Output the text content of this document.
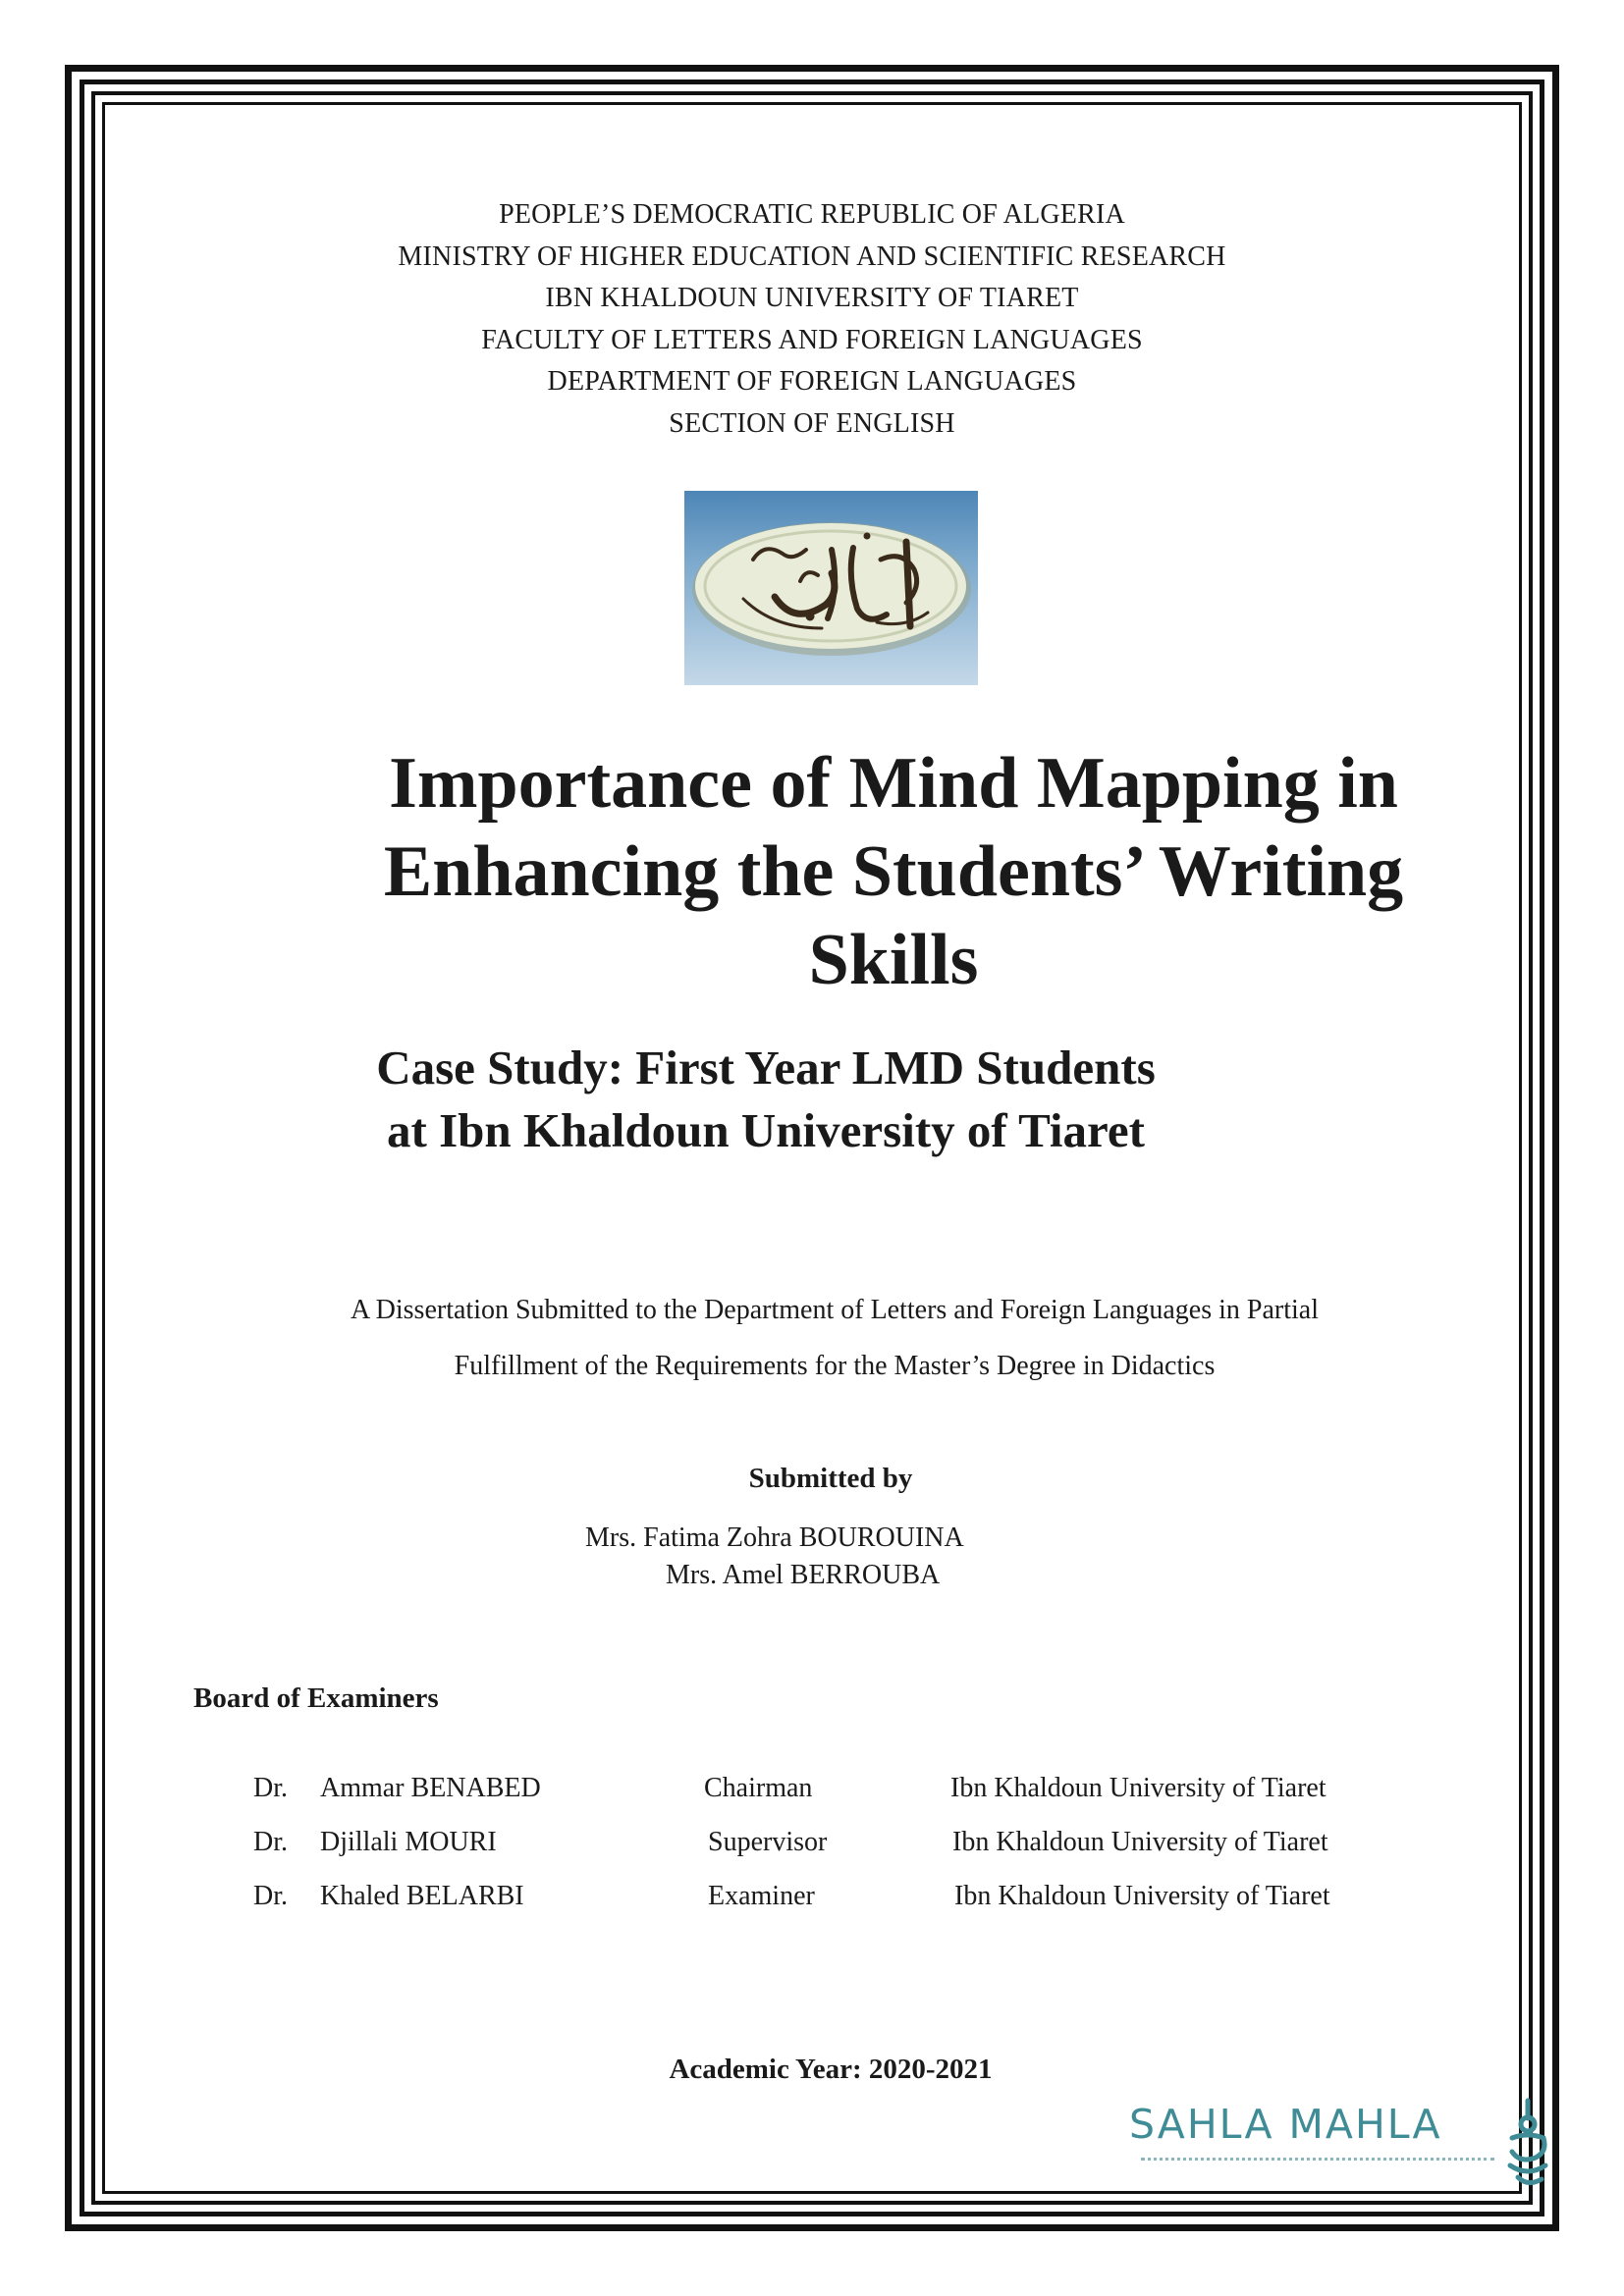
PEOPLE’S DEMOCRATIC REPUBLIC OF ALGERIA
MINISTRY OF HIGHER EDUCATION AND SCIENTIFIC RESEARCH
IBN KHALDOUN UNIVERSITY OF TIARET
FACULTY OF LETTERS AND FOREIGN LANGUAGES
DEPARTMENT OF FOREIGN LANGUAGES
SECTION OF ENGLISH
Importance of Mind Mapping in
Enhancing the Students’ Writing
Skills
Case Study: First Year LMD Students
at Ibn Khaldoun University of Tiaret
A Dissertation Submitted to the Department of Letters and Foreign Languages in Partial
Fulfillment of the Requirements for the Master’s Degree in Didactics
Submitted by
Mrs. Fatima Zohra BOUROUINA
Mrs. Amel BERROUBA
Board of Examiners
Dr. Ammar BENABED	Chairman	Ibn Khaldoun University of Tiaret
Dr. Djillali MOURI	Supervisor	Ibn Khaldoun University of Tiaret
Dr. Khaled BELARBI	Examiner	Ibn Khaldoun University of Tiaret
Academic Year: 2020-2021
SAHLA MAHLA
